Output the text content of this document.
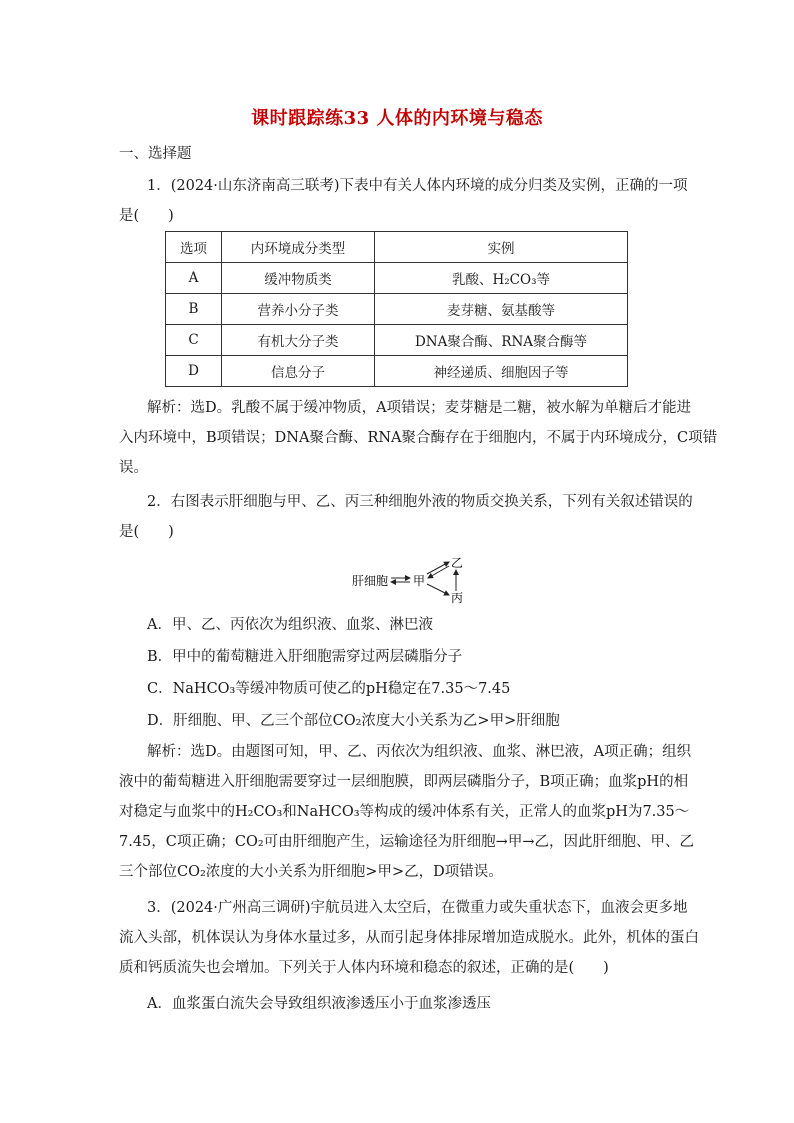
课时跟踪练33 人体的内环境与稳态
一、选择题
1．(2024·山东济南高三联考)下表中有关人体内环境的成分归类及实例，正确的一项
是(　　)
选项	内环境成分类型	实例
A	缓冲物质类	乳酸、H₂CO₃等
B	营养小分子类	麦芽糖、氨基酸等
C	有机大分子类	DNA聚合酶、RNA聚合酶等
D	信息分子	神经递质、细胞因子等
解析：选D。乳酸不属于缓冲物质，A项错误；麦芽糖是二糖，被水解为单糖后才能进
入内环境中，B项错误；DNA聚合酶、RNA聚合酶存在于细胞内，不属于内环境成分，C项错
误。
2．右图表示肝细胞与甲、乙、丙三种细胞外液的物质交换关系，下列有关叙述错误的
是(　　)
肝细胞 甲
乙
丙
A．甲、乙、丙依次为组织液、血浆、淋巴液
B．甲中的葡萄糖进入肝细胞需穿过两层磷脂分子
C．NaHCO₃等缓冲物质可使乙的pH稳定在7.35～7.45
D．肝细胞、甲、乙三个部位CO₂浓度大小关系为乙>甲>肝细胞
解析：选D。由题图可知，甲、乙、丙依次为组织液、血浆、淋巴液，A项正确；组织
液中的葡萄糖进入肝细胞需要穿过一层细胞膜，即两层磷脂分子，B项正确；血浆pH的相
对稳定与血浆中的H₂CO₃和NaHCO₃等构成的缓冲体系有关，正常人的血浆pH为7.35～
7.45，C项正确；CO₂可由肝细胞产生，运输途径为肝细胞→甲→乙，因此肝细胞、甲、乙
三个部位CO₂浓度的大小关系为肝细胞>甲>乙，D项错误。
3．(2024·广州高三调研)宇航员进入太空后，在微重力或失重状态下，血液会更多地
流入头部，机体误认为身体水量过多，从而引起身体排尿增加造成脱水。此外，机体的蛋白
质和钙质流失也会增加。下列关于人体内环境和稳态的叙述，正确的是(　　)
A．血浆蛋白流失会导致组织液渗透压小于血浆渗透压
